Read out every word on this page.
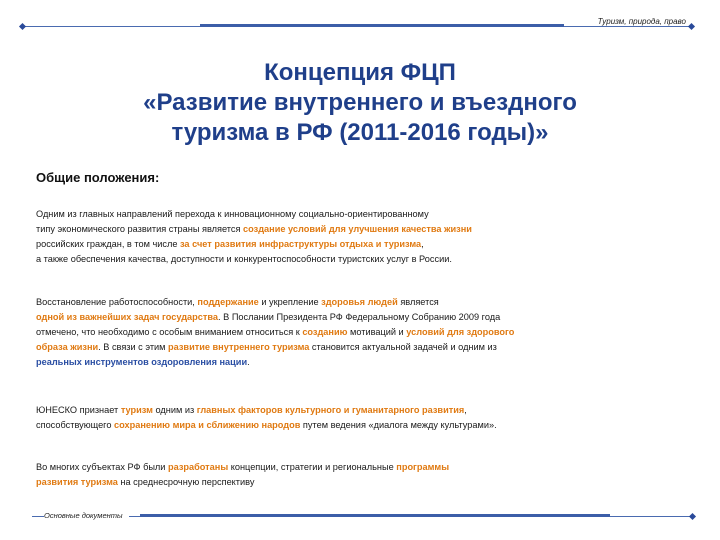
Туризм, природа, право
Концепция ФЦП
«Развитие внутреннего и въездного
туризма в РФ (2011-2016 годы)»
Общие положения:
Одним из главных направлений перехода к инновационному социально-ориентированному
типу экономического развития страны является создание условий для улучшения качества жизни
российских граждан, в том числе за счет развития инфраструктуры отдыха и туризма,
а также обеспечения качества, доступности и конкурентоспособности туристских услуг в России.
Восстановление работоспособности, поддержание и укрепление здоровья людей является
одной из важнейших задач государства. В Послании Президента РФ Федеральному Собранию 2009 года
отмечено, что необходимо с особым вниманием относиться к созданию мотиваций и условий для здорового
образа жизни. В связи с этим развитие внутреннего туризма становится актуальной задачей и одним из
реальных инструментов оздоровления нации.
ЮНЕСКО признает туризм одним из главных факторов культурного и гуманитарного развития,
способствующего сохранению мира и сближению народов путем ведения «диалога между культурами».
Во многих субъектах РФ были разработаны концепции, стратегии и региональные программы
развития туризма на среднесрочную перспективу
Основные документы
